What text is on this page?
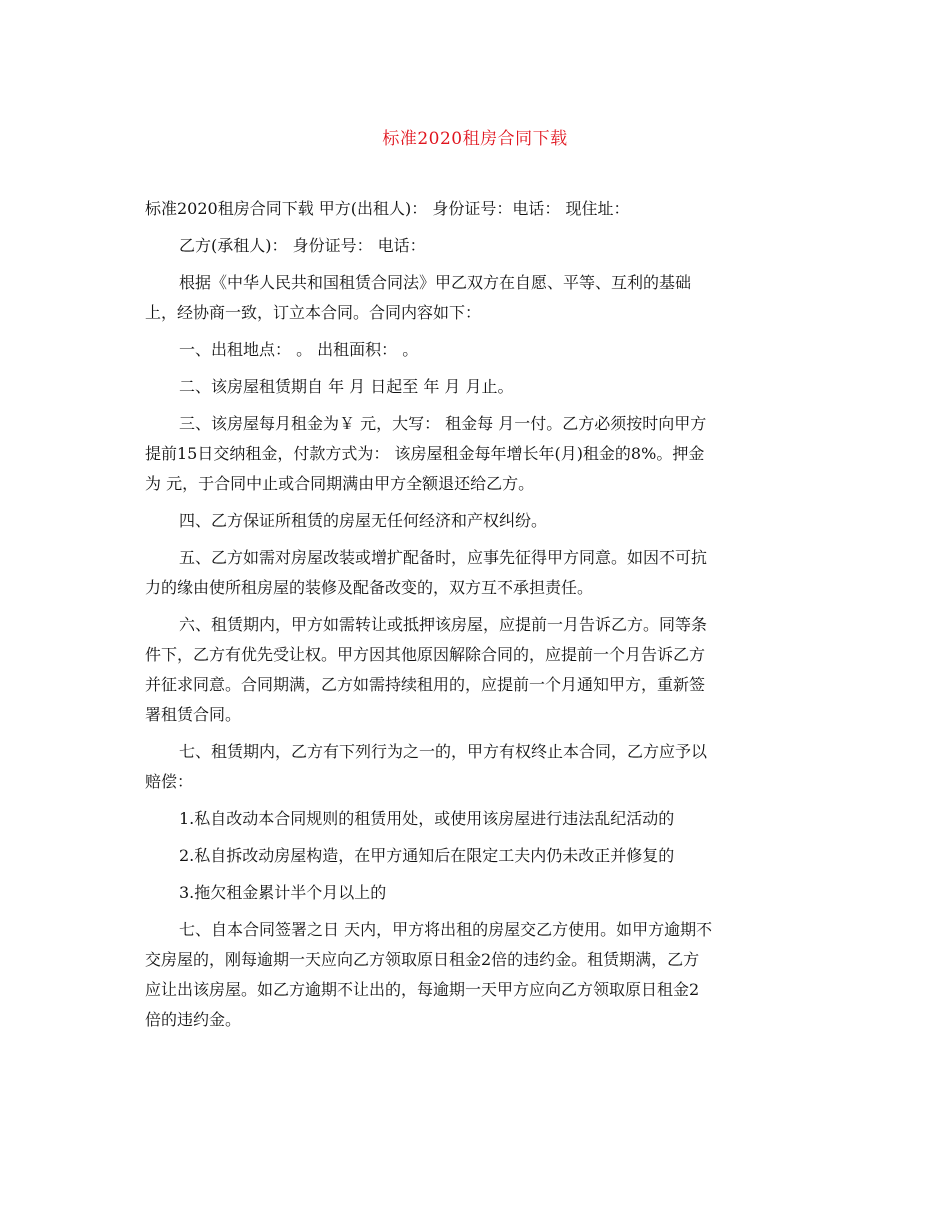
标准2020租房合同下载
标准2020租房合同下载 甲方(出租人)： 身份证号：电话： 现住址：
乙方(承租人)： 身份证号： 电话：
根据《中华人民共和国租赁合同法》甲乙双方在自愿、平等、互利的基础
上，经协商一致，订立本合同。合同内容如下：
一、出租地点： 。 出租面积： 。
二、该房屋租赁期自 年 月 日起至 年 月 月止。
三、该房屋每月租金为￥ 元，大写： 租金每 月一付。乙方必须按时向甲方
提前15日交纳租金，付款方式为： 该房屋租金每年增长年(月)租金的8%。押金
为 元，于合同中止或合同期满由甲方全额退还给乙方。
四、乙方保证所租赁的房屋无任何经济和产权纠纷。
五、乙方如需对房屋改装或增扩配备时，应事先征得甲方同意。如因不可抗
力的缘由使所租房屋的装修及配备改变的，双方互不承担责任。
六、租赁期内，甲方如需转让或抵押该房屋，应提前一月告诉乙方。同等条
件下，乙方有优先受让权。甲方因其他原因解除合同的，应提前一个月告诉乙方
并征求同意。合同期满，乙方如需持续租用的，应提前一个月通知甲方，重新签
署租赁合同。
七、租赁期内，乙方有下列行为之一的，甲方有权终止本合同，乙方应予以
赔偿：
1.私自改动本合同规则的租赁用处，或使用该房屋进行违法乱纪活动的
2.私自拆改动房屋构造，在甲方通知后在限定工夫内仍未改正并修复的
3.拖欠租金累计半个月以上的
七、自本合同签署之日 天内，甲方将出租的房屋交乙方使用。如甲方逾期不
交房屋的，刚每逾期一天应向乙方领取原日租金2倍的违约金。租赁期满，乙方
应让出该房屋。如乙方逾期不让出的，每逾期一天甲方应向乙方领取原日租金2
倍的违约金。
